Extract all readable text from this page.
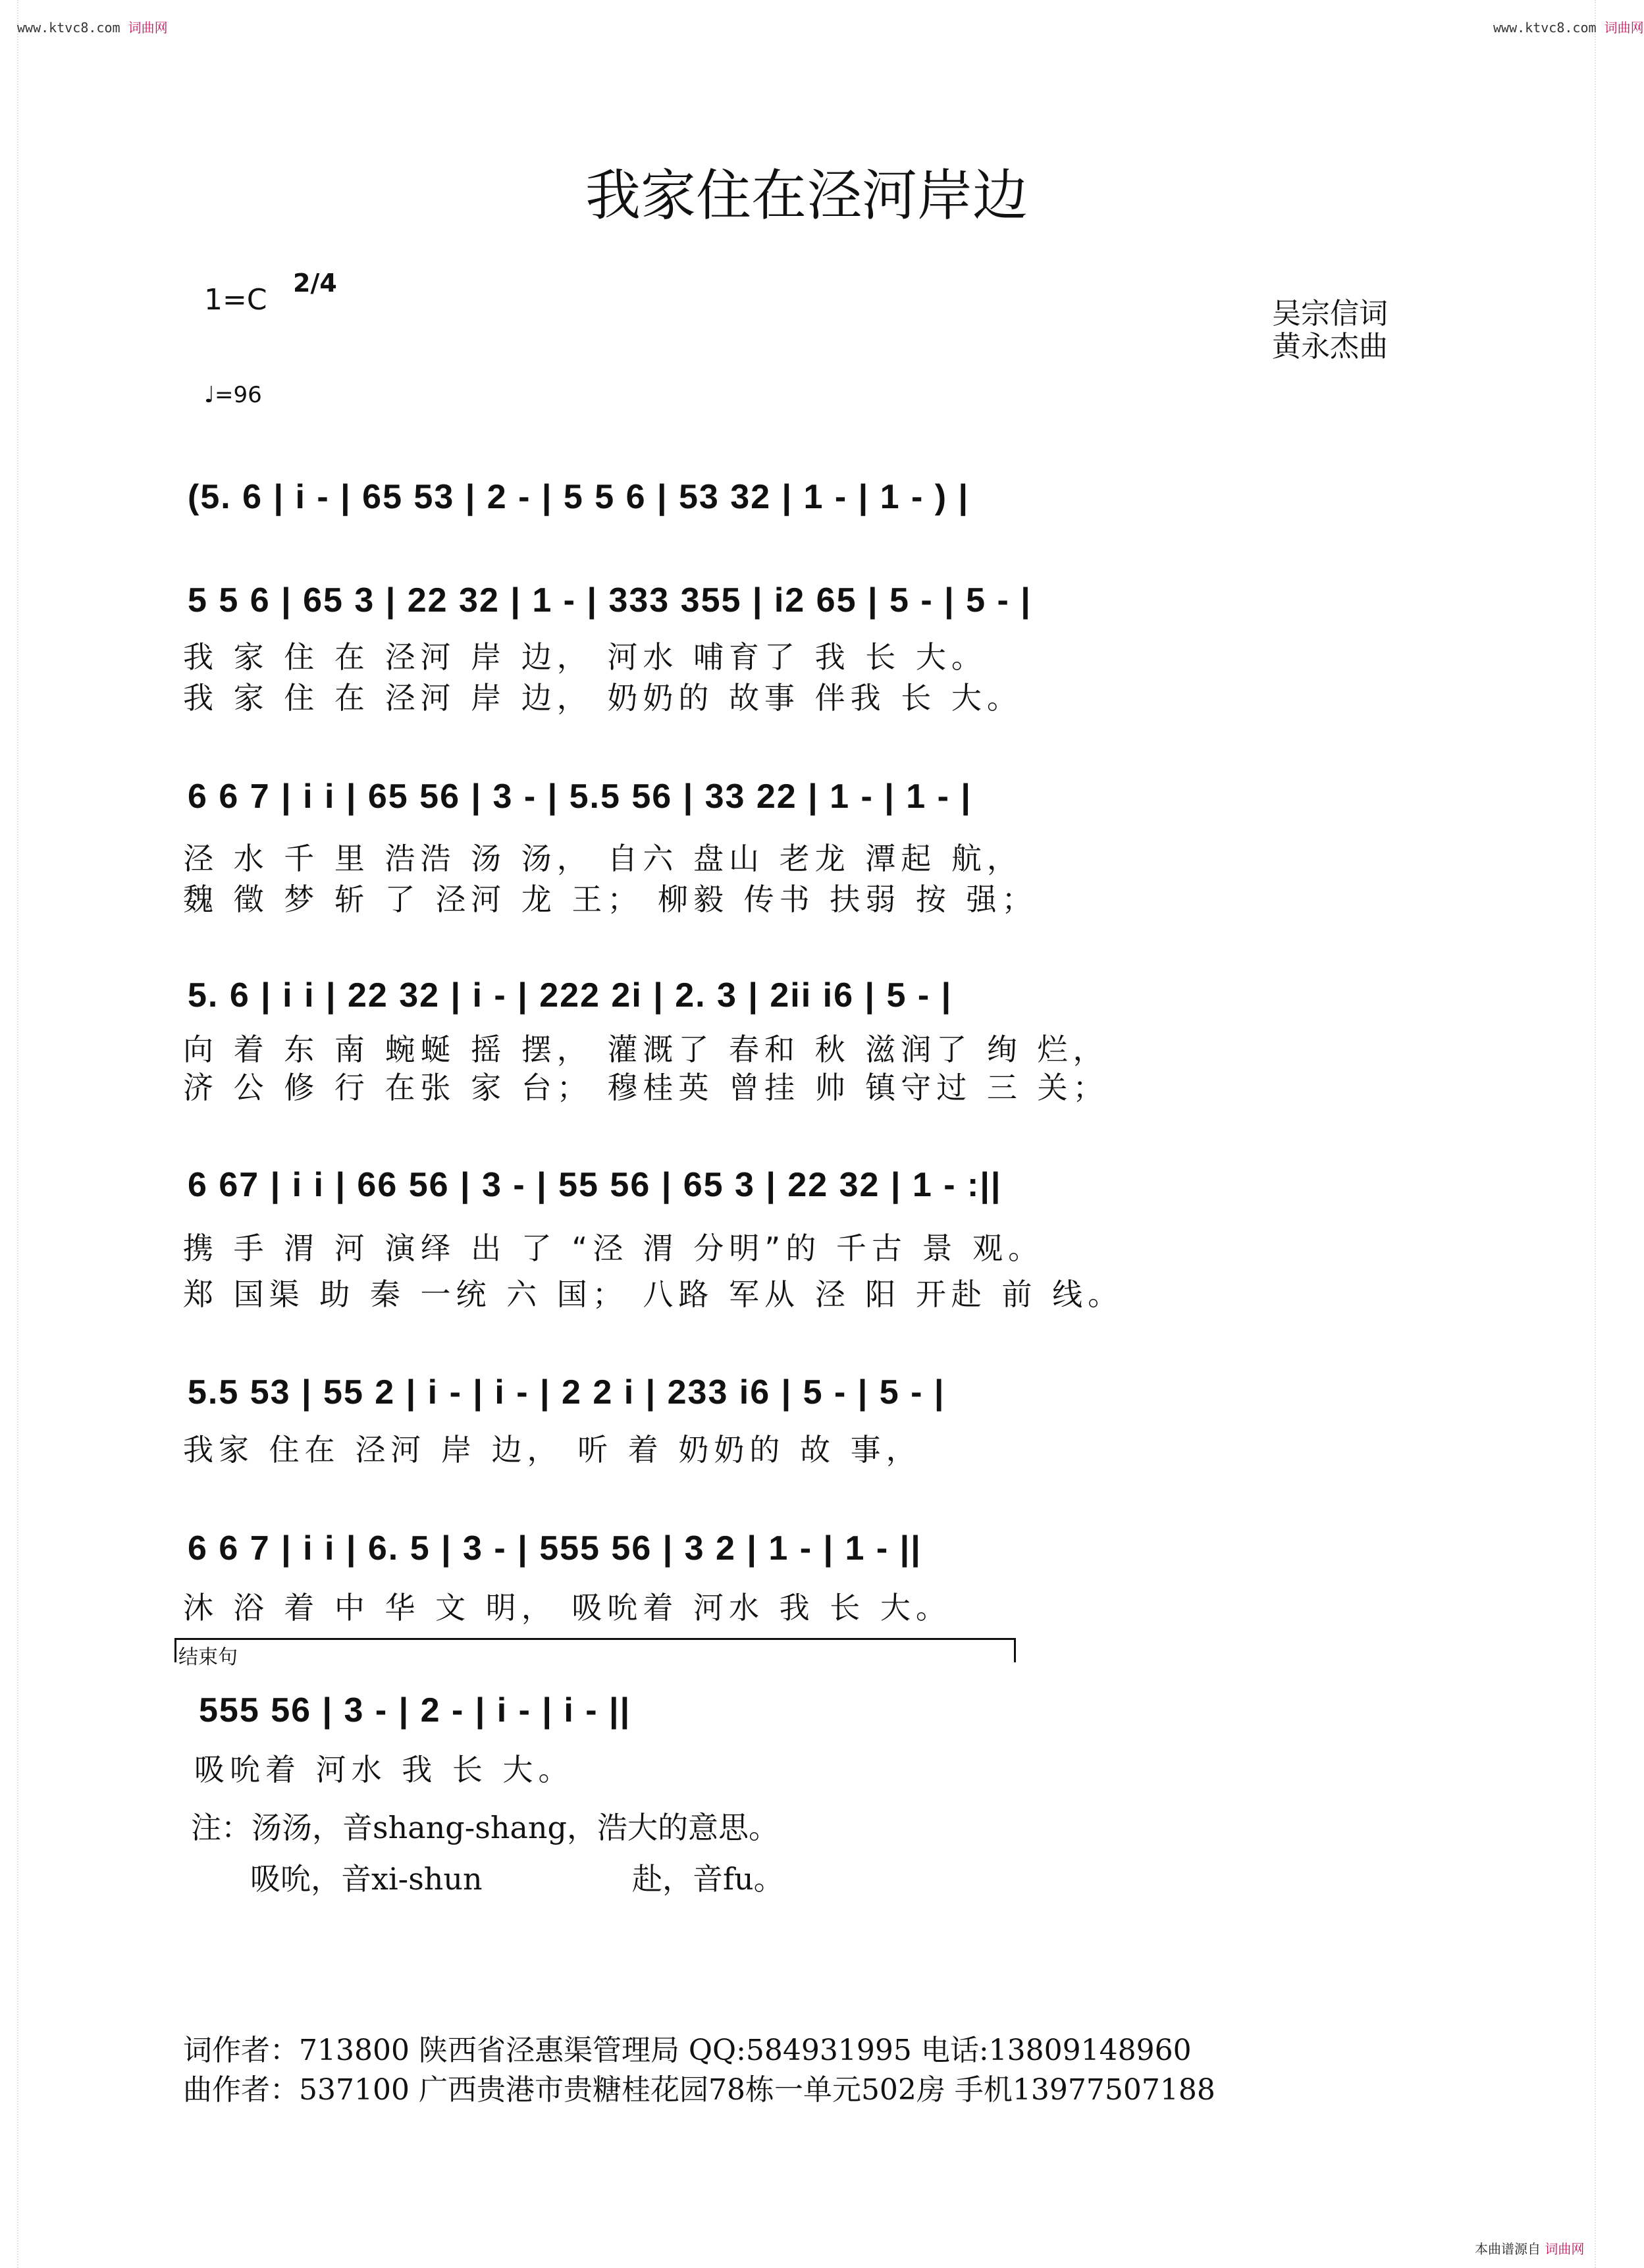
www.ktvc8.com 词曲网	www.ktvc8.com 词曲网
我家住在泾河岸边
1=C 2/4
♩=96
吴宗信词
黄永杰曲
(5. 6 | i - | 65 53 | 2 - | 5 5 6 | 53 32 | 1 - | 1 - ) |
5 5 6 | 65 3 | 22 32 | 1 - | 333 355 | i2 65 | 5 - | 5 - |
我 家 住 在 泾河 岸 边， 河水 哺育了 我 长 大。
我 家 住 在 泾河 岸 边， 奶奶的 故事 伴我 长 大。
6 6 7 | i i | 65 56 | 3 - | 5.5 56 | 33 22 | 1 - | 1 - |
泾 水 千 里 浩浩 汤 汤， 自六 盘山 老龙 潭起 航，
魏 徵 梦 斩 了 泾河 龙 王； 柳毅 传书 扶弱 按 强；
5. 6 | i i | 22 32 | i - | 222 2i | 2. 3 | 2ii i6 | 5 - |
向 着 东 南 蜿蜒 摇 摆， 灌溉了 春和 秋 滋润了 绚 烂，
济 公 修 行 在张 家 台； 穆桂英 曾挂 帅 镇守过 三 关；
6 67 | i i | 66 56 | 3 - | 55 56 | 65 3 | 22 32 | 1 - :||
携 手 渭 河 演绎 出 了 “泾 渭 分明”的 千古 景 观。
郑 国渠 助 秦 一统 六 国； 八路 军从 泾 阳 开赴 前 线。
5.5 53 | 55 2 | i - | i - | 2 2 i | 233 i6 | 5 - | 5 - |
我家 住在 泾河 岸 边， 听 着 奶奶的 故 事，
6 6 7 | i i | 6. 5 | 3 - | 555 56 | 3 2 | 1 - | 1 - ||
沐 浴 着 中 华 文 明， 吸吮着 河水 我 长 大。
结束句
555 56 | 3 - | 2 - | i - | i - ||
吸吮着 河水 我 长 大。
注：汤汤，音shang-shang，浩大的意思。
吸吮，音xi-shun	赴，音fu。
词作者：713800 陕西省泾惠渠管理局 QQ:584931995 电话:13809148960
曲作者：537100 广西贵港市贵糖桂花园78栋一单元502房 手机13977507188
本曲谱源自 词曲网
